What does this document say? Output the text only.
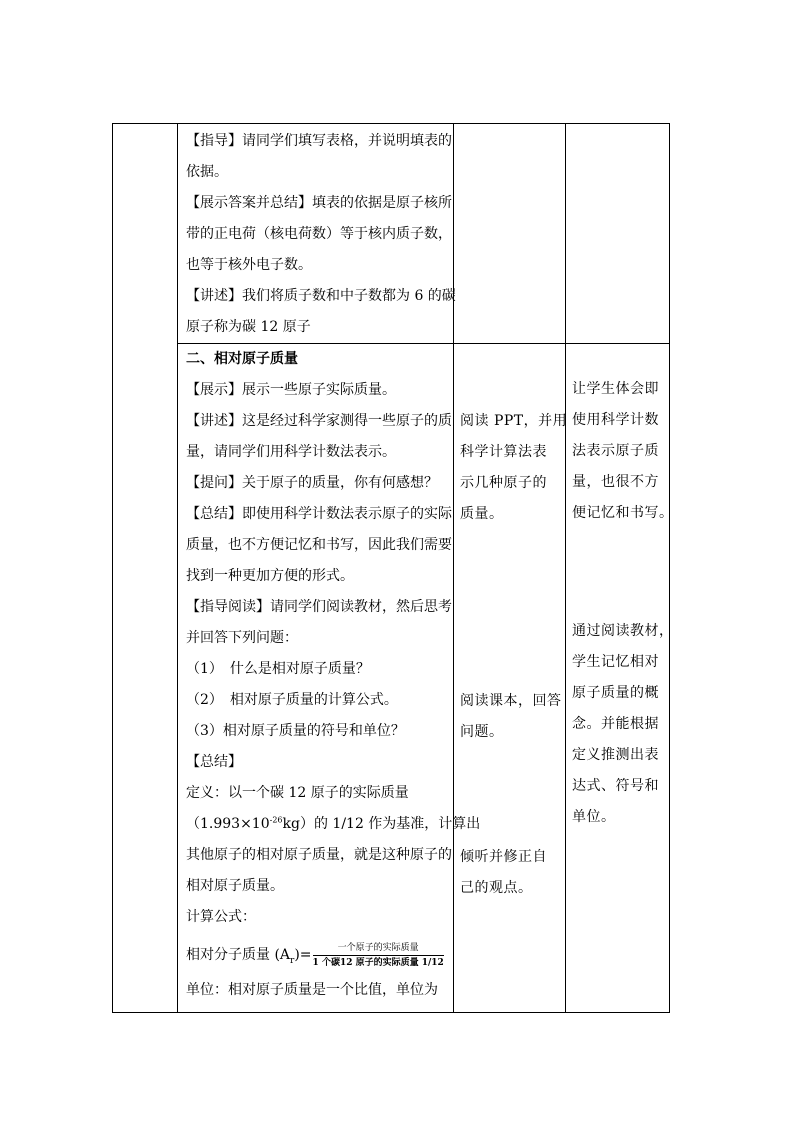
【指导】请同学们填写表格，并说明填表的

依据。

【展示答案并总结】填表的依据是原子核所

带的正电荷（核电荷数）等于核内质子数，

也等于核外电子数。

【讲述】我们将质子数和中子数都为 6 的碳

原子称为碳 12 原子

二、相对原子质量

【展示】展示一些原子实际质量。

【讲述】这是经过科学家测得一些原子的质

量，请同学们用科学计数法表示。

【提问】关于原子的质量，你有何感想？

【总结】即使用科学计数法表示原子的实际

质量，也不方便记忆和书写，因此我们需要

找到一种更加方便的形式。

【指导阅读】请同学们阅读教材，然后思考

并回答下列问题：

（1）　什么是相对原子质量？

（2）　相对原子质量的计算公式。

（3）相对原子质量的符号和单位？

【总结】

定义：以一个碳 12 原子的实际质量

$(1.993\times 10^{-26}kg)$的 1/12 作为基准，计算出

其他原子的相对原子质量，就是这种原子的

相对原子质量。

计算公式：

相对分子质量 $(A_r)= \frac{\text{一个原子的实际质量}}{\text{1 个碳12 原子的实际质量 1/12}}$

单位：相对原子质量是一个比值，单位为

阅读 PPT，并用

科学计算法表

示几种原子的

质量。

阅读课本，回答

问题。

倾听并修正自

己的观点。

让学生体会即

使用科学计数

法表示原子质

量，也很不方

便记忆和书写。

通过阅读教材，

学生记忆相对

原子质量的概

念。并能根据

定义推测出表

达式、符号和

单位。
